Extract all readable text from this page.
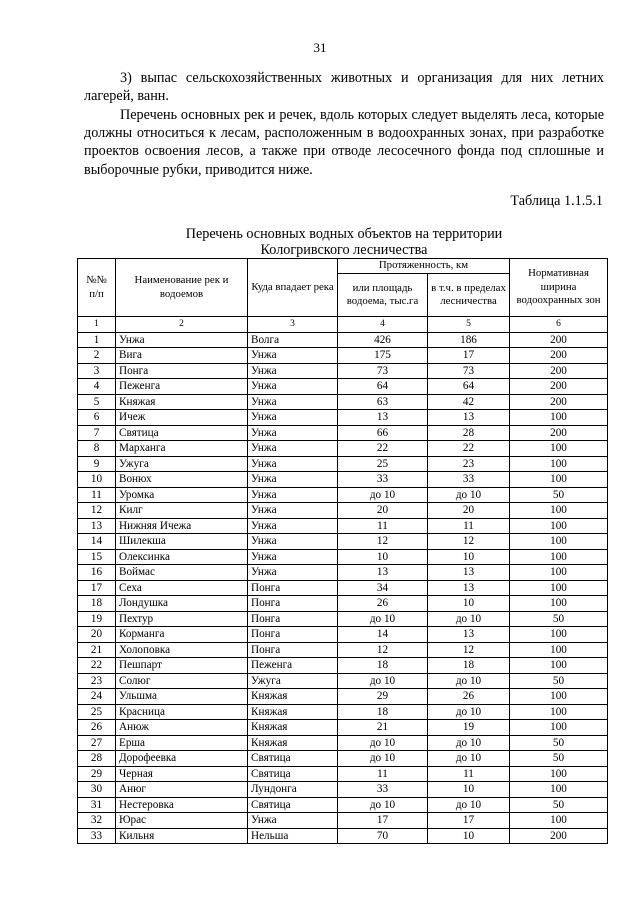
31

3) выпас сельскохозяйственных животных и организация для них летних лагерей, ванн.

Перечень основных рек и речек, вдоль которых следует выделять леса, которые должны относиться к лесам, расположенным в водоохранных зонах, при разработке проектов освоения лесов, а также при отводе лесосечного фонда под сплошные и выборочные рубки, приводится ниже.

Таблица 1.1.5.1
Перечень основных водных объектов на территории
Кологривского лесничества
№№ п/п	Наименование рек и водоемов	Куда впадает река	Протяженность, км		Нормативная ширина водоохранных зон
			или площадь водоема, тыс.га	в т.ч. в пределах лесничества	
1	2	3	4	5	6
1	Унжа	Волга	426	186	200
2	Вига	Унжа	175	17	200
3	Понга	Унжа	73	73	200
4	Пеженга	Унжа	64	64	200
5	Княжая	Унжа	63	42	200
6	Ичеж	Унжа	13	13	100
7	Святица	Унжа	66	28	200
8	Марханга	Унжа	22	22	100
9	Ужуга	Унжа	25	23	100
10	Вонюх	Унжа	33	33	100
11	Уромка	Унжа	до 10	до 10	50
12	Килг	Унжа	20	20	100
13	Нижняя Ичежа	Унжа	11	11	100
14	Шилекша	Унжа	12	12	100
15	Олексинка	Унжа	10	10	100
16	Воймас	Унжа	13	13	100
17	Сеха	Понга	34	13	100
18	Лондушка	Понга	26	10	100
19	Пехтур	Понга	до 10	до 10	50
20	Корманга	Понга	14	13	100
21	Холоповка	Понга	12	12	100
22	Пешпарт	Пеженга	18	18	100
23	Солюг	Ужуга	до 10	до 10	50
24	Ульшма	Княжая	29	26	100
25	Красница	Княжая	18	до 10	100
26	Анюж	Княжая	21	19	100
27	Ерша	Княжая	до 10	до 10	50
28	Дорофеевка	Святица	до 10	до 10	50
29	Черная	Святица	11	11	100
30	Анюг	Лундонга	33	10	100
31	Нестеровка	Святица	до 10	до 10	50
32	Юрас	Унжа	17	17	100
33	Кильня	Нельша	70	10	200
